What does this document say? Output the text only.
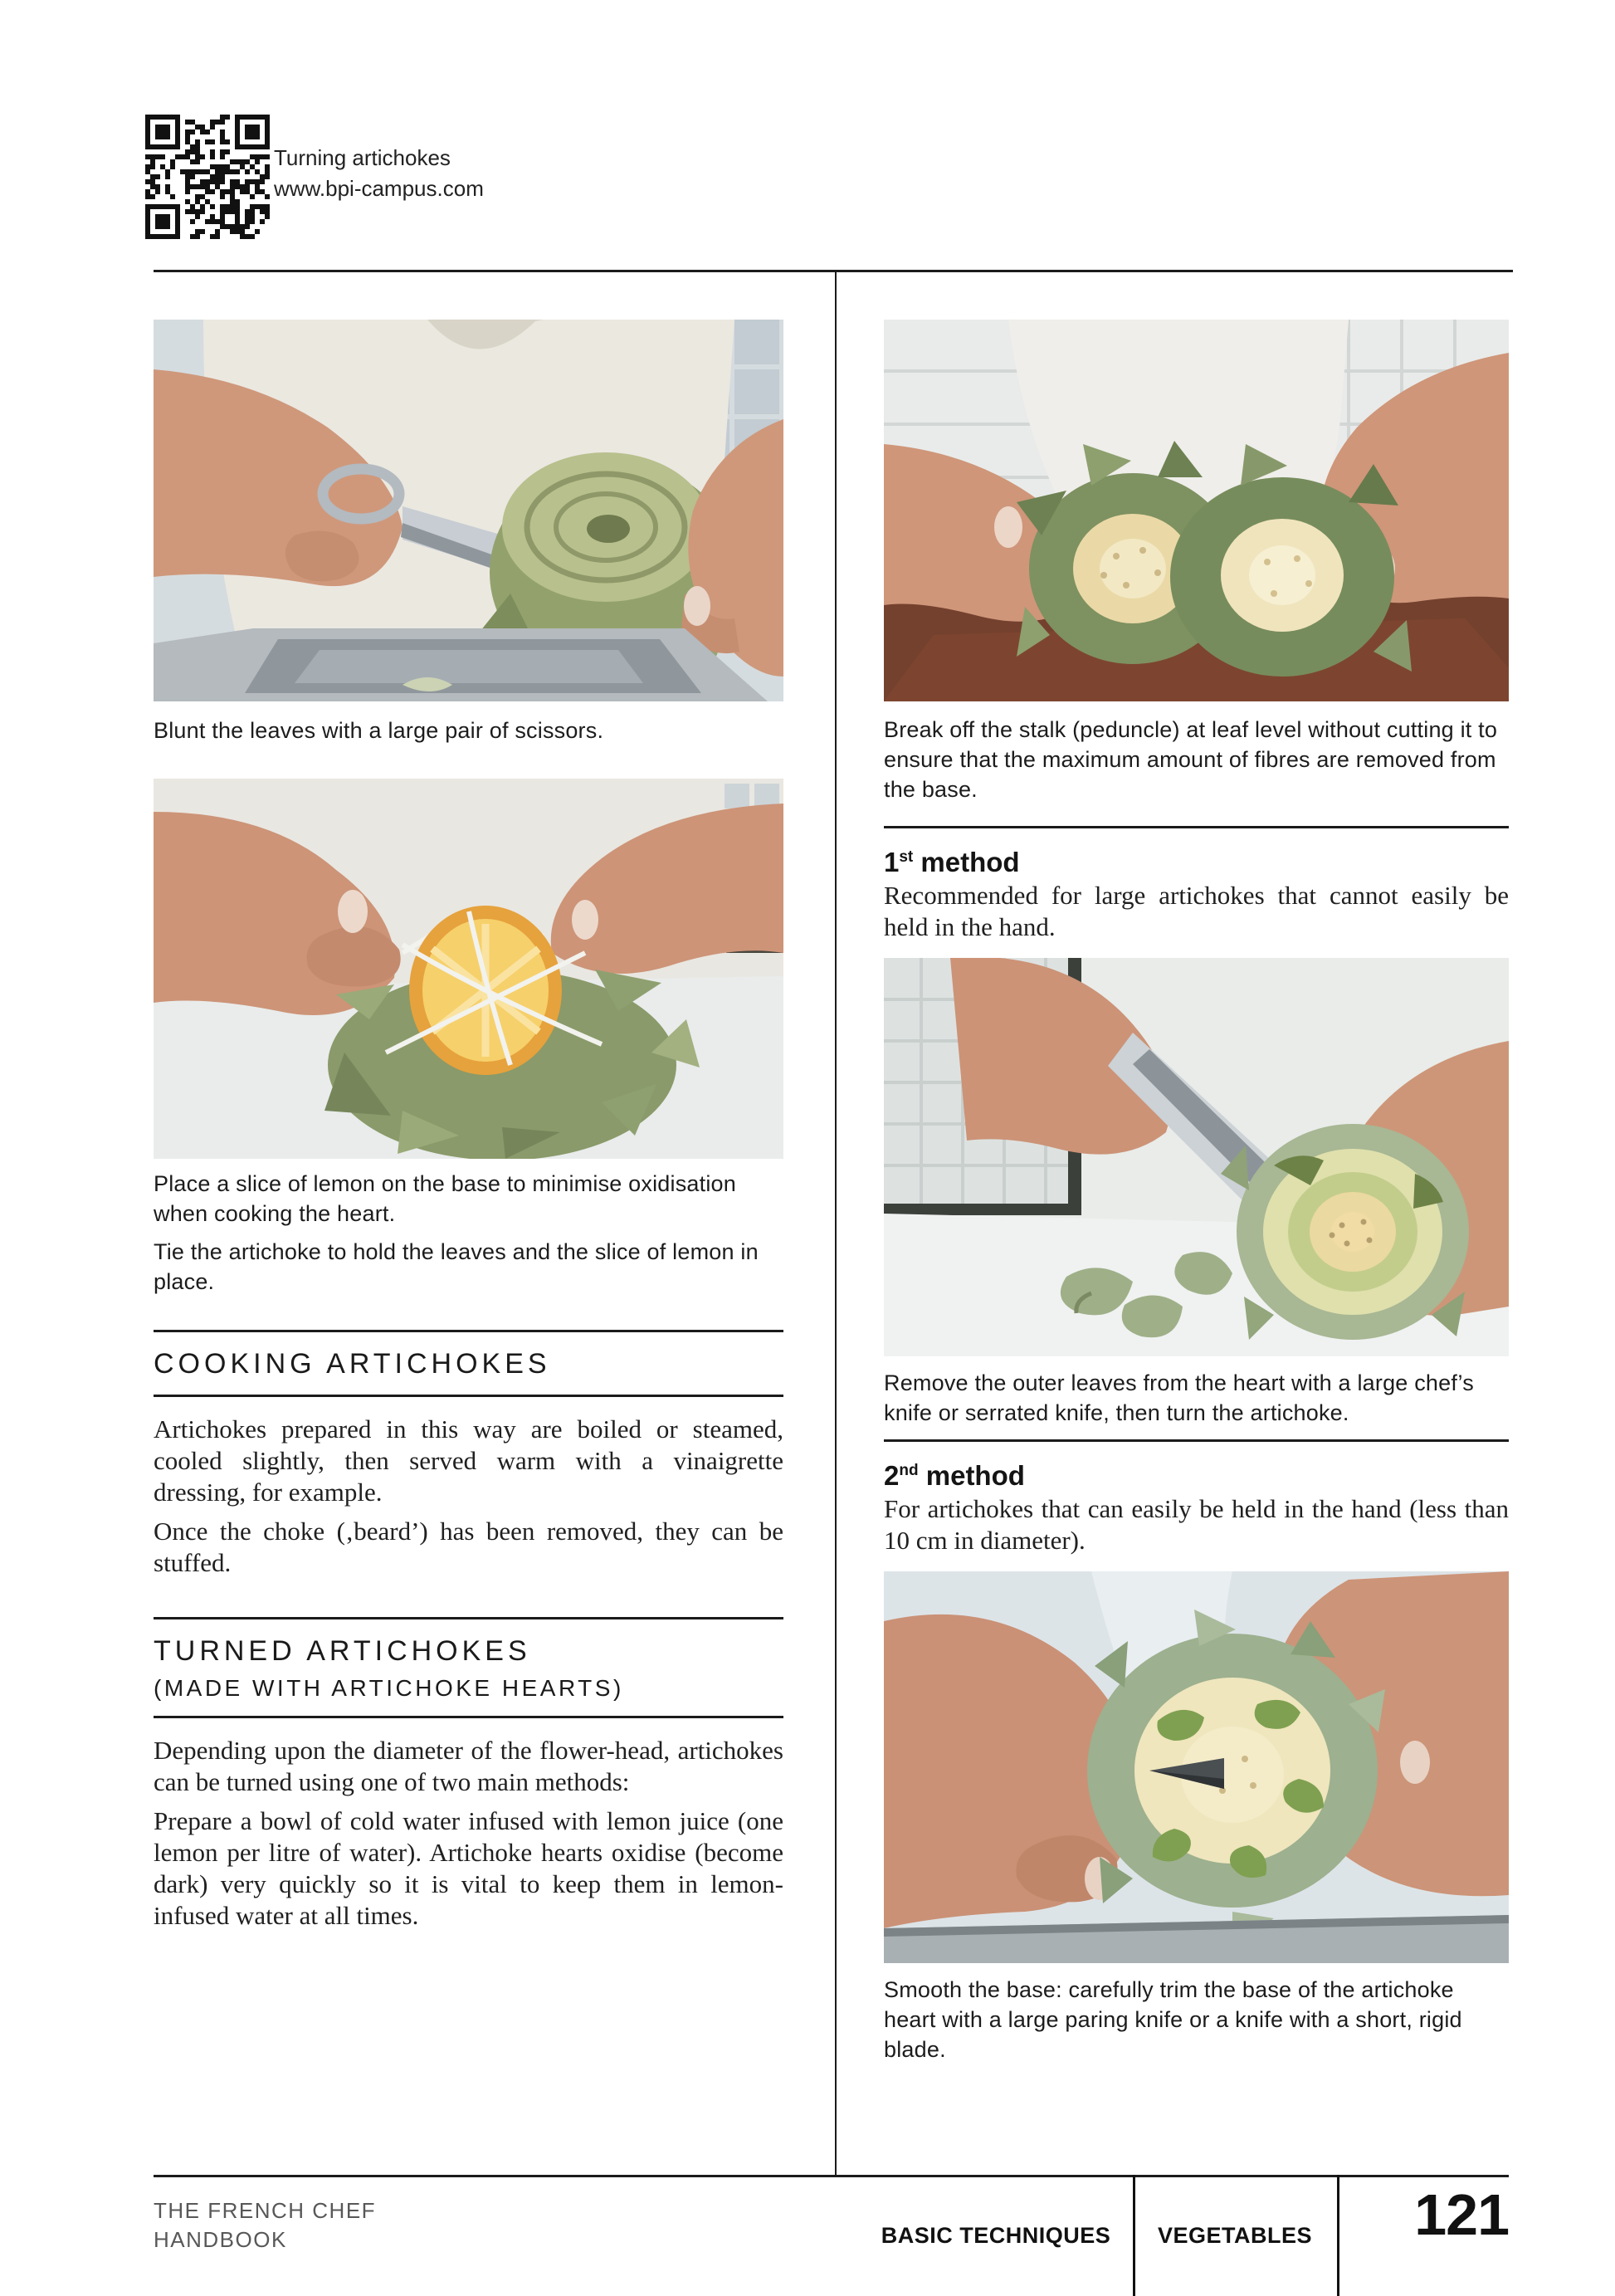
Turning artichokes
www.bpi-campus.com
Blunt the leaves with a large pair of scissors.

Place a slice of lemon on the base to minimise oxidisation when cooking the heart.

Tie the artichoke to hold the leaves and the slice of lemon in place.

COOKING ARTICHOKES

Artichokes prepared in this way are boiled or steamed, cooled slightly, then served warm with a vinaigrette dressing, for example.

Once the choke (‚beard’) has been removed, they can be stuffed.

TURNED ARTICHOKES
(MADE WITH ARTICHOKE HEARTS)

Depending upon the diameter of the flower-head, artichokes can be turned using one of two main methods:

Prepare a bowl of cold water infused with lemon juice (one lemon per litre of water). Artichoke hearts oxidise (become dark) very quickly so it is vital to keep them in lemon-infused water at all times.

Break off the stalk (peduncle) at leaf level without cutting it to ensure that the maximum amount of fibres are removed from the base.
1st method
Recommended for large artichokes that cannot easily be held in the hand.
Remove the outer leaves from the heart with a large chef’s knife or serrated knife, then turn the artichoke.
2nd method
For artichokes that can easily be held in the hand (less than 10 cm in diameter).
Smooth the base: carefully trim the base of the artichoke heart with a large paring knife or a knife with a short, rigid blade.
THE FRENCH CHEF
HANDBOOK	BASIC TECHNIQUES	VEGETABLES	121
